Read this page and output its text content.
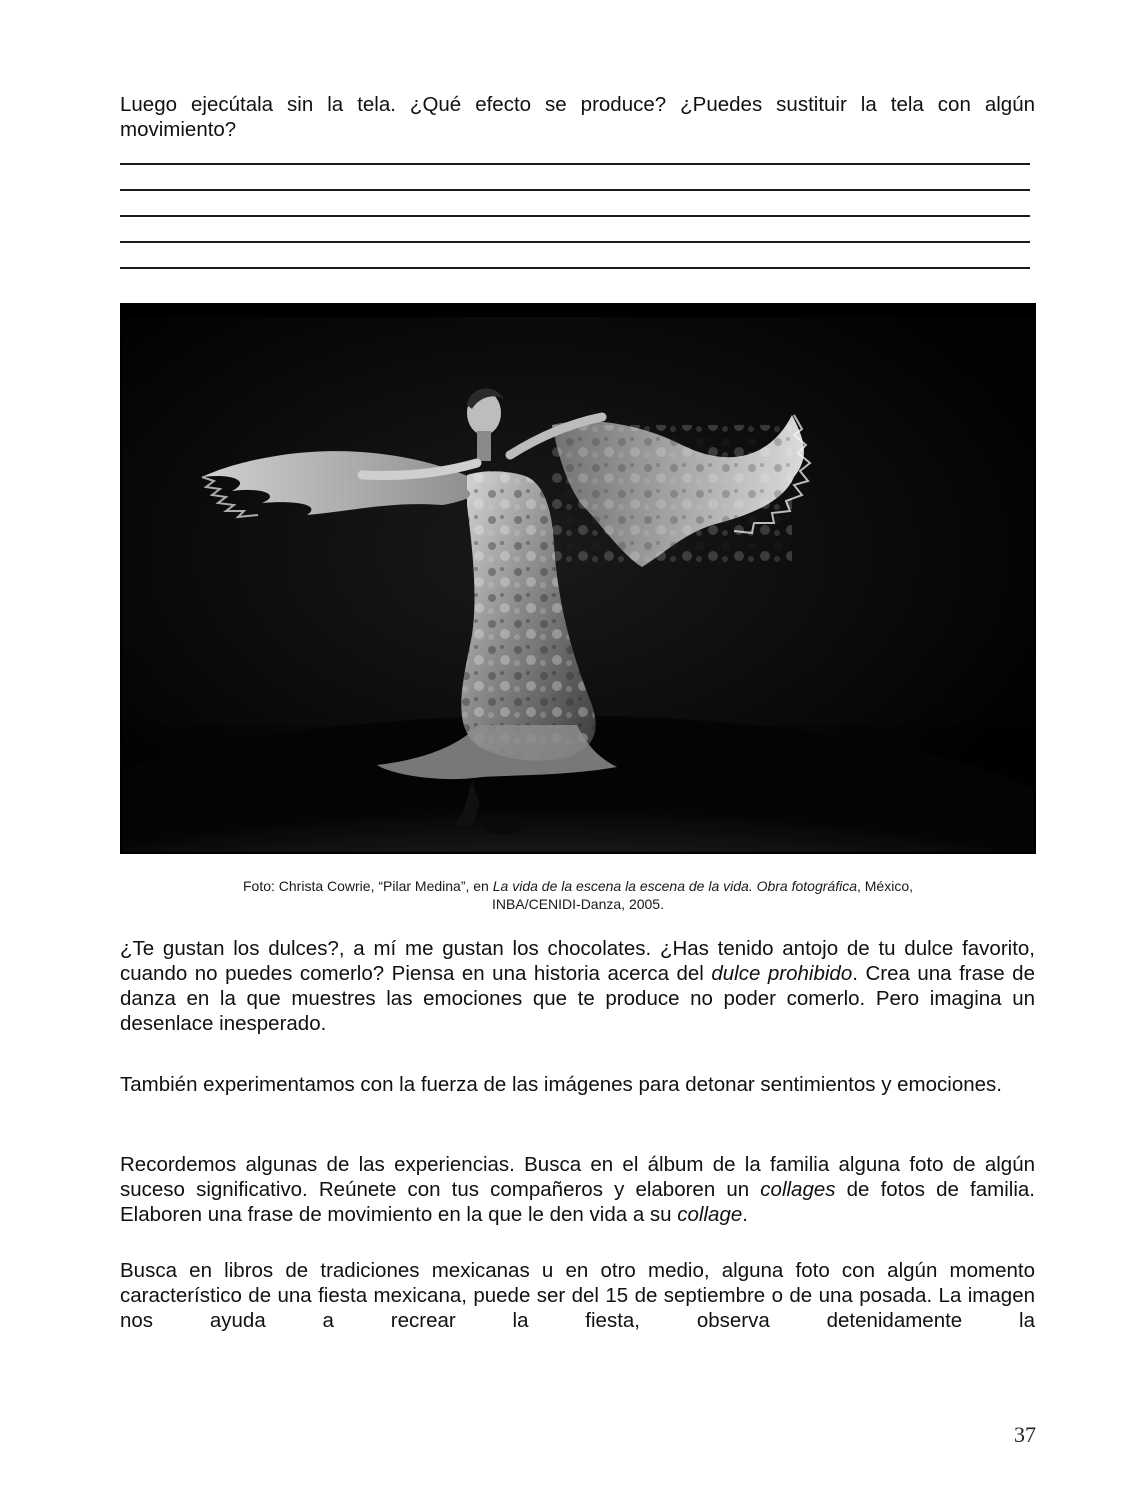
Luego ejecútala sin la tela. ¿Qué efecto se produce? ¿Puedes sustituir la tela con algún movimiento?

Foto: Christa Cowrie, “Pilar Medina”, en La vida de la escena la escena de la vida. Obra fotográfica, México,
INBA/CENIDI-Danza, 2005.

¿Te gustan los dulces?, a mí me gustan los chocolates. ¿Has tenido antojo de tu dulce favorito, cuando no puedes comerlo? Piensa en una historia acerca del dulce prohibido. Crea una frase de danza en la que muestres las emociones que te produce no poder comerlo. Pero imagina un desenlace inesperado.

También experimentamos con la fuerza de las imágenes para detonar sentimientos y emociones.

Recordemos algunas de las experiencias. Busca en el álbum de la familia alguna foto de algún suceso significativo. Reúnete con tus compañeros y elaboren un collages de fotos de familia. Elaboren una frase de movimiento en la que le den vida a su collage.

Busca en libros de tradiciones mexicanas u en otro medio, alguna foto con algún momento característico de una fiesta mexicana, puede ser del 15 de septiembre o de una posada. La imagen nos ayuda a recrear la fiesta, observa detenidamente la

37
